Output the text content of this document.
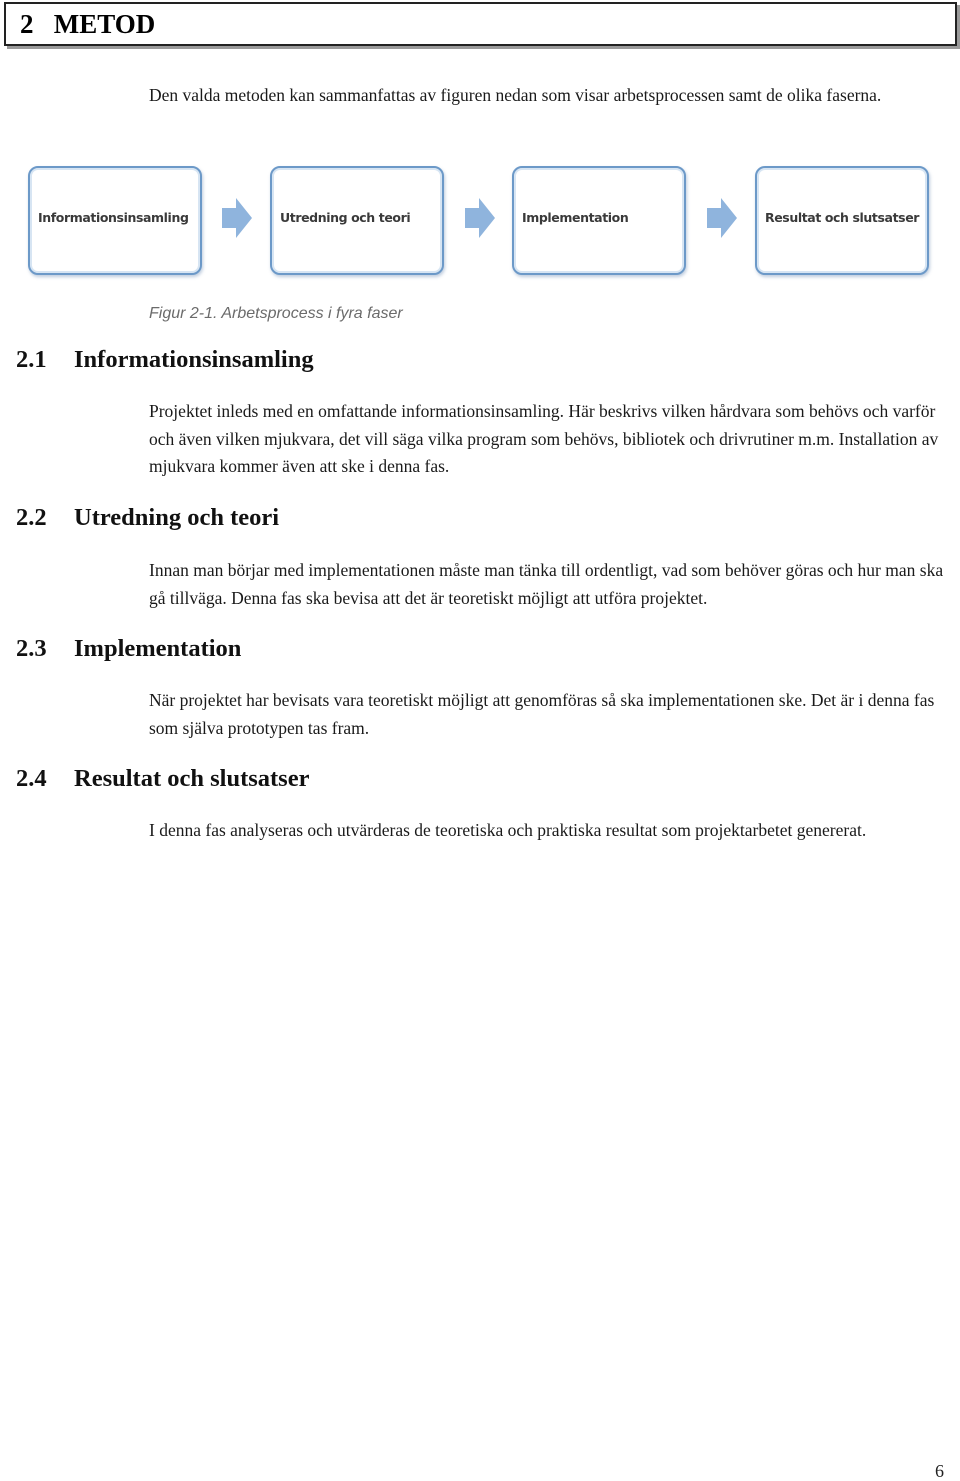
2 METOD

Den valda metoden kan sammanfattas av figuren nedan som visar arbetsprocessen samt de olika faserna.

Informationsinsamling	Utredning och teori	Implementation	Resultat och slutsatser

Figur 2-1. Arbetsprocess i fyra faser

2.1 Informationsinsamling

Projektet inleds med en omfattande informationsinsamling. Här beskrivs vilken hårdvara som behövs och varför och även vilken mjukvara, det vill säga vilka program som behövs, bibliotek och drivrutiner m.m. Installation av mjukvara kommer även att ske i denna fas.

2.2 Utredning och teori

Innan man börjar med implementationen måste man tänka till ordentligt, vad som behöver göras och hur man ska gå tillväga. Denna fas ska bevisa att det är teoretiskt möjligt att utföra projektet.

2.3 Implementation

När projektet har bevisats vara teoretiskt möjligt att genomföras så ska implementationen ske. Det är i denna fas som själva prototypen tas fram.

2.4 Resultat och slutsatser

I denna fas analyseras och utvärderas de teoretiska och praktiska resultat som projektarbetet genererat.

6
